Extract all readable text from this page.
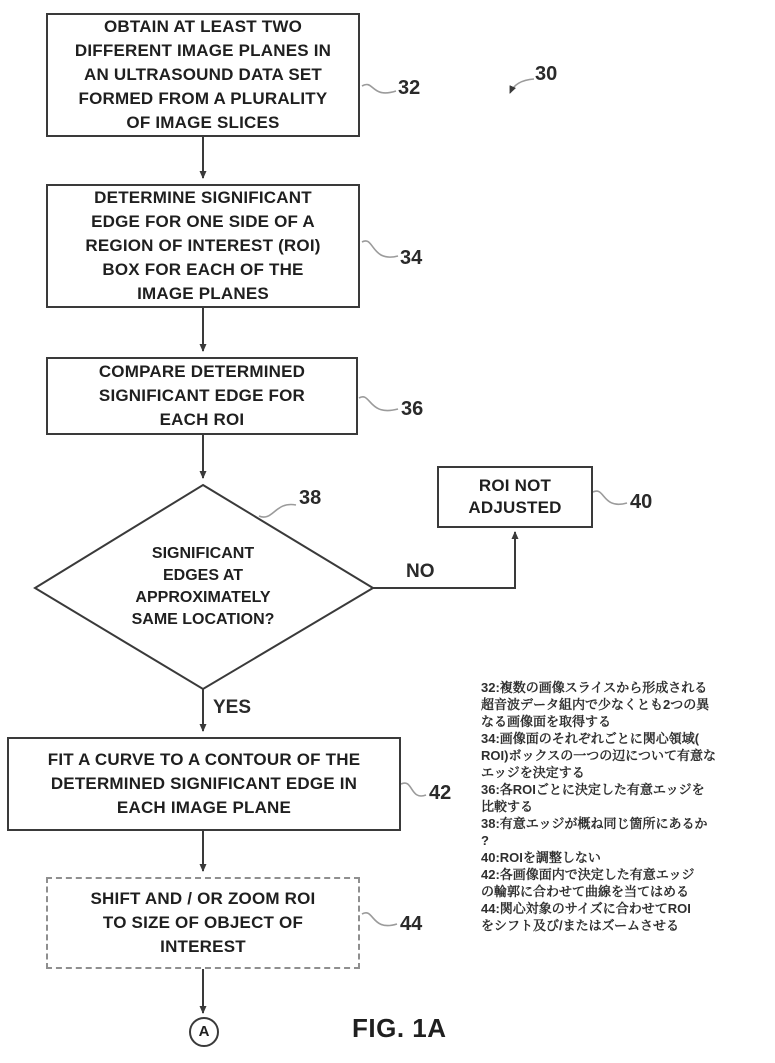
OBTAIN AT LEAST TWO
DIFFERENT IMAGE PLANES IN
AN ULTRASOUND DATA SET
FORMED FROM A PLURALITY
OF IMAGE SLICES
DETERMINE SIGNIFICANT
EDGE FOR ONE SIDE OF A
REGION OF INTEREST (ROI)
BOX FOR EACH OF THE
IMAGE PLANES
COMPARE DETERMINED
SIGNIFICANT EDGE FOR
EACH ROI
SIGNIFICANT
EDGES AT
APPROXIMATELY
SAME LOCATION?
ROI NOT
ADJUSTED
FIT A CURVE TO A CONTOUR OF THE
DETERMINED SIGNIFICANT EDGE IN
EACH IMAGE PLANE
SHIFT AND / OR ZOOM ROI
TO SIZE OF OBJECT OF
INTEREST
32
30
34
36
38	40
42
44
NO
YES
A	FIG. 1A
32:複数の画像スライスから形成される
超音波データ組内で少なくとも2つの異
なる画像面を取得する
34:画像面のそれぞれごとに関心領域(
ROI)ボックスの一つの辺について有意な
エッジを決定する
36:各ROIごとに決定した有意エッジを
比較する
38:有意エッジが概ね同じ箇所にあるか
?
40:ROIを調整しない
42:各画像面内で決定した有意エッジ
の輪郭に合わせて曲線を当てはめる
44:関心対象のサイズに合わせてROI
をシフト及び/またはズームさせる
